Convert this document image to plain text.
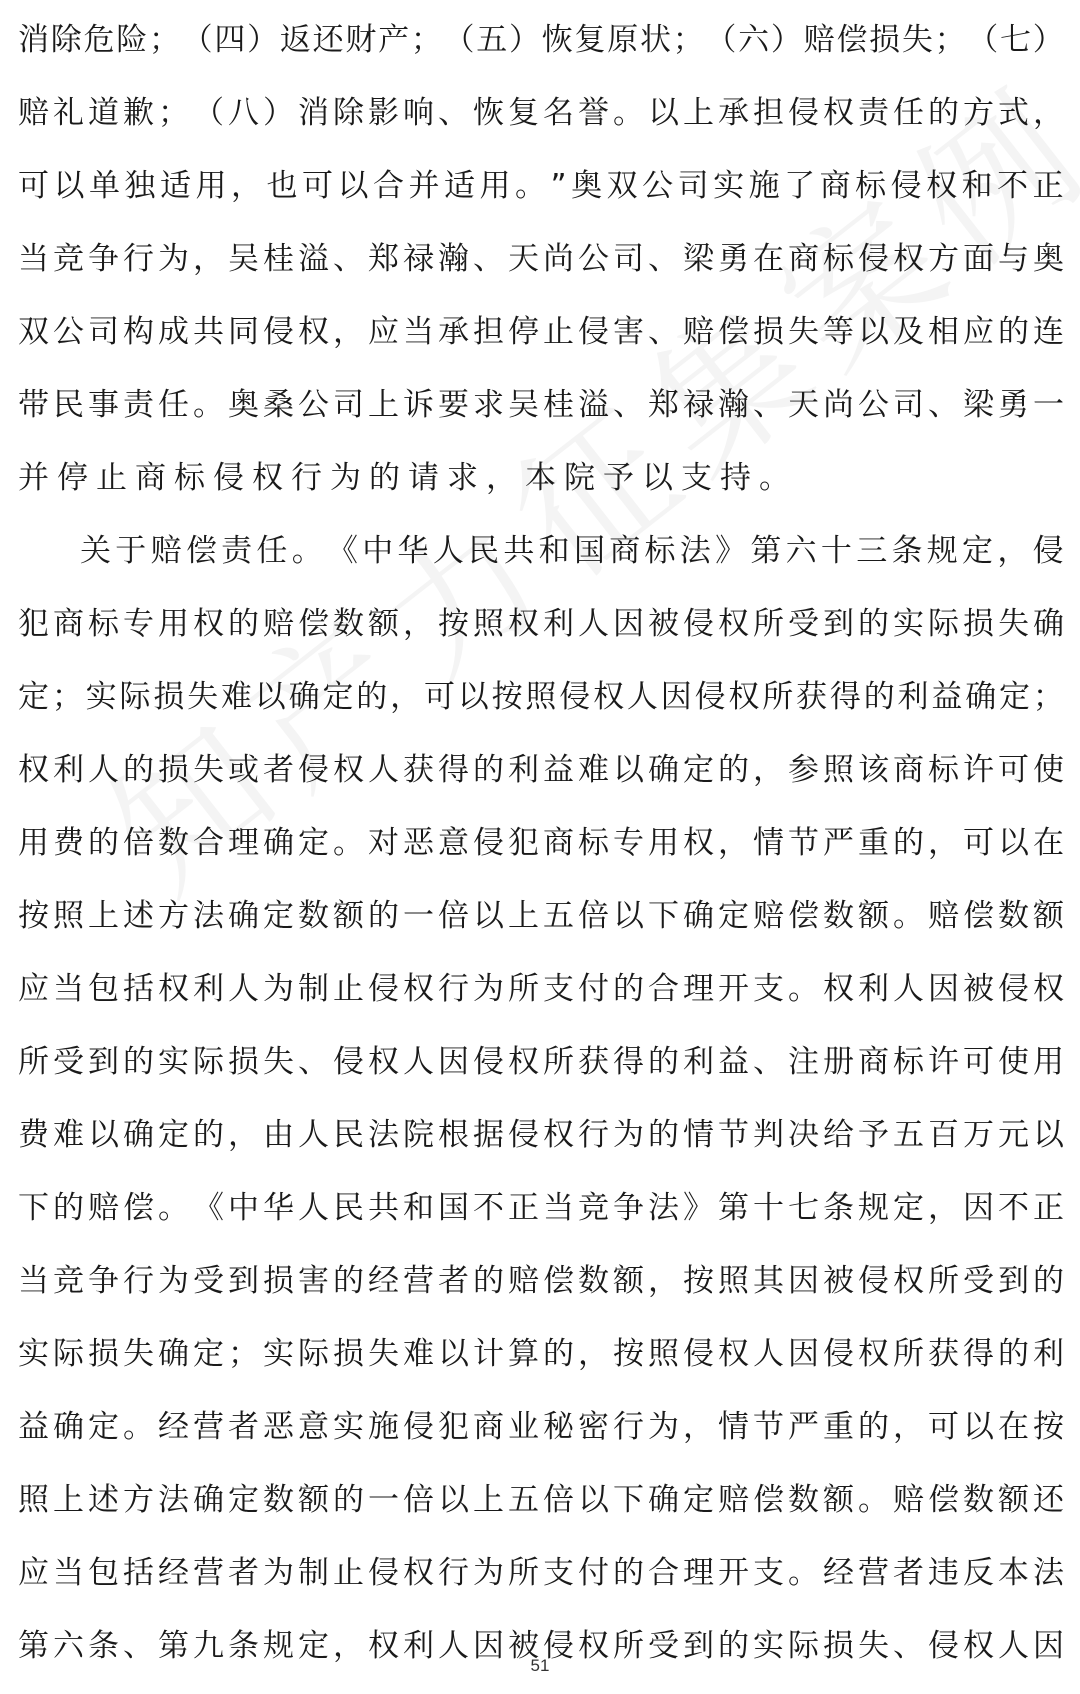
消 除 危 险 ； （ 四 ） 返 还 财 产 ； （ 五 ） 恢 复 原 状 ； （ 六 ） 赔 偿 损 失 ； （ 七 ）
赔 礼 道 歉 ； （ 八 ） 消 除 影 响 、 恢 复 名 誉 。 以 上 承 担 侵 权 责 任 的 方 式 ，
可 以 单 独 适 用 ， 也 可 以 合 并 适 用 。 ” 奥 双 公 司 实 施 了 商 标 侵 权 和 不 正
当 竞 争 行 为 ， 吴 桂 溢 、 郑 禄 瀚 、 天 尚 公 司 、 梁 勇 在 商 标 侵 权 方 面 与 奥
双 公 司 构 成 共 同 侵 权 ， 应 当 承 担 停 止 侵 害 、 赔 偿 损 失 等 以 及 相 应 的 连
带 民 事 责 任 。 奥 桑 公 司 上 诉 要 求 吴 桂 溢 、 郑 禄 瀚 、 天 尚 公 司 、 梁 勇 一
并停止商标侵权行为的请求，本院予以支持。
关 于 赔 偿 责 任 。 《 中 华 人 民 共 和 国 商 标 法 》 第 六 十 三 条 规 定 ， 侵
犯 商 标 专 用 权 的 赔 偿 数 额 ， 按 照 权 利 人 因 被 侵 权 所 受 到 的 实 际 损 失 确
定 ； 实 际 损 失 难 以 确 定 的 ， 可 以 按 照 侵 权 人 因 侵 权 所 获 得 的 利 益 确 定 ；
权 利 人 的 损 失 或 者 侵 权 人 获 得 的 利 益 难 以 确 定 的 ， 参 照 该 商 标 许 可 使
用 费 的 倍 数 合 理 确 定 。 对 恶 意 侵 犯 商 标 专 用 权 ， 情 节 严 重 的 ， 可 以 在
按 照 上 述 方 法 确 定 数 额 的 一 倍 以 上 五 倍 以 下 确 定 赔 偿 数 额 。 赔 偿 数 额
应 当 包 括 权 利 人 为 制 止 侵 权 行 为 所 支 付 的 合 理 开 支 。 权 利 人 因 被 侵 权
所 受 到 的 实 际 损 失 、 侵 权 人 因 侵 权 所 获 得 的 利 益 、 注 册 商 标 许 可 使 用
费 难 以 确 定 的 ， 由 人 民 法 院 根 据 侵 权 行 为 的 情 节 判 决 给 予 五 百 万 元 以
下 的 赔 偿 。 《 中 华 人 民 共 和 国 不 正 当 竞 争 法 》 第 十 七 条 规 定 ， 因 不 正
当 竞 争 行 为 受 到 损 害 的 经 营 者 的 赔 偿 数 额 ， 按 照 其 因 被 侵 权 所 受 到 的
实 际 损 失 确 定 ； 实 际 损 失 难 以 计 算 的 ， 按 照 侵 权 人 因 侵 权 所 获 得 的 利
益 确 定 。 经 营 者 恶 意 实 施 侵 犯 商 业 秘 密 行 为 ， 情 节 严 重 的 ， 可 以 在 按
照 上 述 方 法 确 定 数 额 的 一 倍 以 上 五 倍 以 下 确 定 赔 偿 数 额 。 赔 偿 数 额 还
应 当 包 括 经 营 者 为 制 止 侵 权 行 为 所 支 付 的 合 理 开 支 。 经 营 者 违 反 本 法
第 六 条 、 第 九 条 规 定 ， 权 利 人 因 被 侵 权 所 受 到 的 实 际 损 失 、 侵 权 人 因
51
